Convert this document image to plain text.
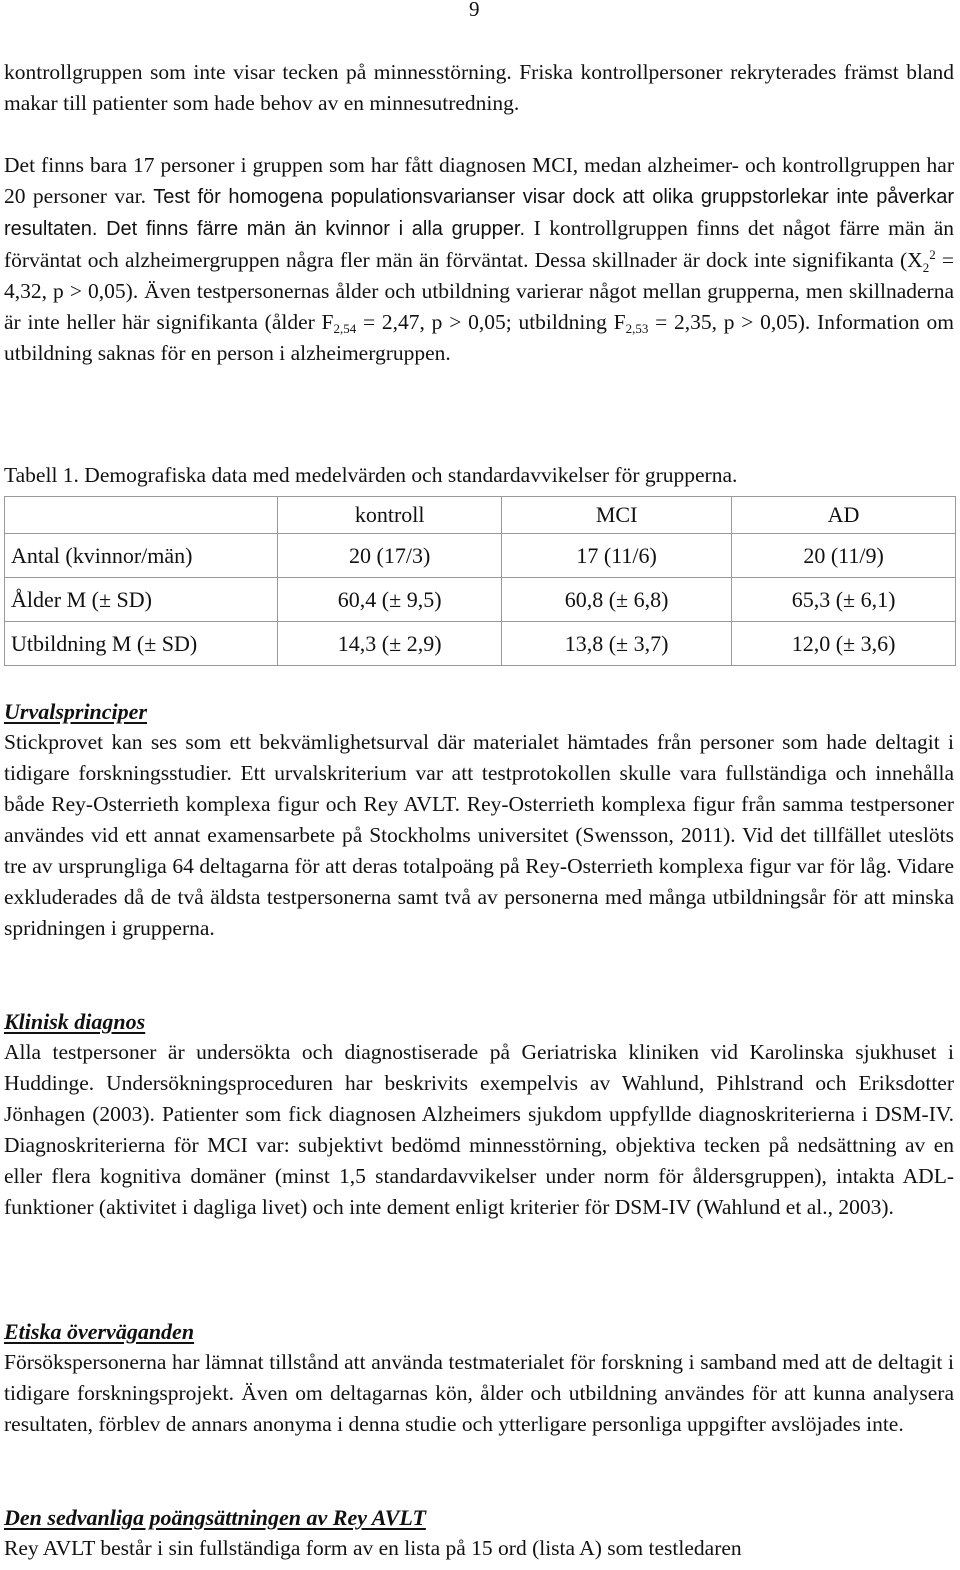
9

kontrollgruppen som inte visar tecken på minnesstörning. Friska kontrollpersoner rekryterades främst bland makar till patienter som hade behov av en minnesutredning.

Det finns bara 17 personer i gruppen som har fått diagnosen MCI, medan alzheimer- och kontrollgruppen har 20 personer var. Test för homogena populationsvarianser visar dock att olika gruppstorlekar inte påverkar resultaten. Det finns färre män än kvinnor i alla grupper. I kontrollgruppen finns det något färre män än förväntat och alzheimergruppen några fler män än förväntat. Dessa skillnader är dock inte signifikanta ($X_2^2 = 4,32$, p > 0,05). Även testpersonernas ålder och utbildning varierar något mellan grupperna, men skillnaderna är inte heller här signifikanta (ålder $F_{2,54} = 2,47$, p > 0,05; utbildning $F_{2,53} = 2,35$, p > 0,05). Information om utbildning saknas för en person i alzheimergruppen.

Tabell 1. Demografiska data med medelvärden och standardavvikelser för grupperna.

	kontroll	MCI	AD
Antal (kvinnor/män)	20 (17/3)	17 (11/6)	20 (11/9)
Ålder M (± SD)	60,4 (± 9,5)	60,8 (± 6,8)	65,3 (± 6,1)
Utbildning M (± SD)	14,3 (± 2,9)	13,8 (± 3,7)	12,0 (± 3,6)
Urvalsprinciper

Stickprovet kan ses som ett bekvämlighetsurval där materialet hämtades från personer som hade deltagit i tidigare forskningsstudier. Ett urvalskriterium var att testprotokollen skulle vara fullständiga och innehålla både Rey-Osterrieth komplexa figur och Rey AVLT. Rey-Osterrieth komplexa figur från samma testpersoner användes vid ett annat examensarbete på Stockholms universitet (Swensson, 2011). Vid det tillfället uteslöts tre av ursprungliga 64 deltagarna för att deras totalpoäng på Rey-Osterrieth komplexa figur var för låg. Vidare exkluderades då de två äldsta testpersonerna samt två av personerna med många utbildningsår för att minska spridningen i grupperna.

Klinisk diagnos

Alla testpersoner är undersökta och diagnostiserade på Geriatriska kliniken vid Karolinska sjukhuset i Huddinge. Undersökningsproceduren har beskrivits exempelvis av Wahlund, Pihlstrand och Eriksdotter Jönhagen (2003). Patienter som fick diagnosen Alzheimers sjukdom uppfyllde diagnoskriterierna i DSM-IV. Diagnoskriterierna för MCI var: subjektivt bedömd minnesstörning, objektiva tecken på nedsättning av en eller flera kognitiva domäner (minst 1,5 standardavvikelser under norm för åldersgruppen), intakta ADL-funktioner (aktivitet i dagliga livet) och inte dement enligt kriterier för DSM-IV (Wahlund et al., 2003).

Etiska överväganden

Försökspersonerna har lämnat tillstånd att använda testmaterialet för forskning i samband med att de deltagit i tidigare forskningsprojekt. Även om deltagarnas kön, ålder och utbildning användes för att kunna analysera resultaten, förblev de annars anonyma i denna studie och ytterligare personliga uppgifter avslöjades inte.

Den sedvanliga poängsättningen av Rey AVLT

Rey AVLT består i sin fullständiga form av en lista på 15 ord (lista A) som testledaren
